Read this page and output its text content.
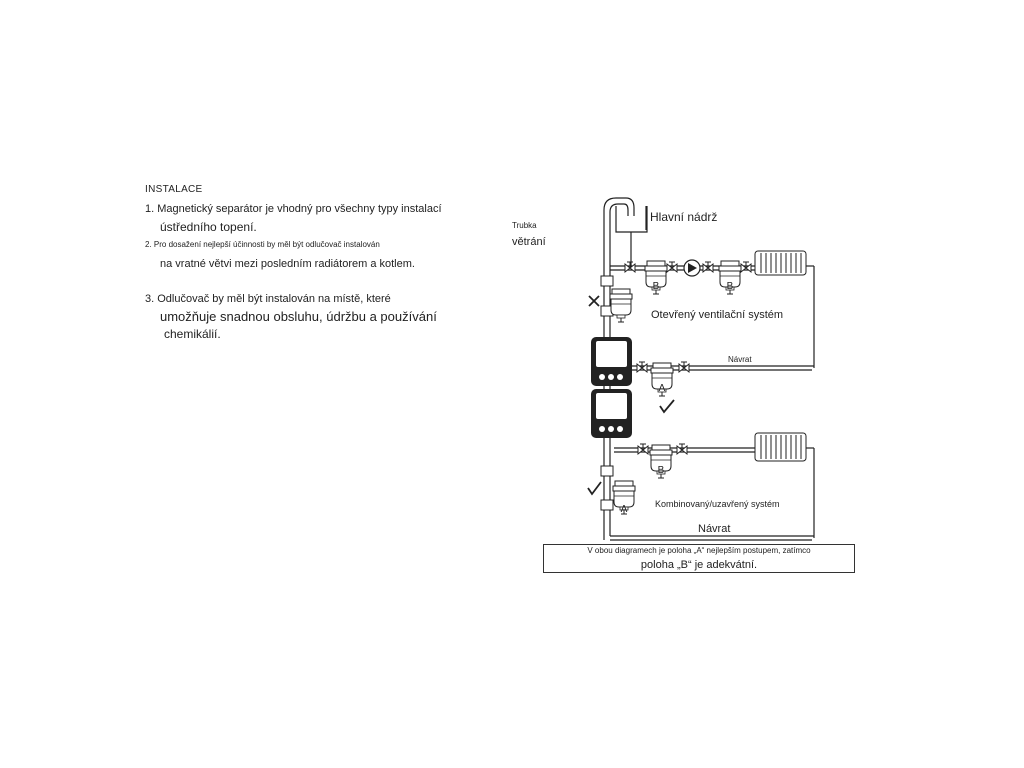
INSTALACE
1. Magnetický separátor je vhodný pro všechny typy instalací
ústředního topení.
2. Pro dosažení nejlepší účinnosti by měl být odlučovač instalován
na vratné větvi mezi posledním radiátorem a kotlem.
3. Odlučovač by měl být instalován na místě, které
umožňuje snadnou obsluhu, údržbu a používání
chemikálií.
B	B
A
B
A
Trubka
větrání
Hlavní nádrž
Otevřený ventilační systém
Návrat
Kombinovaný/uzavřený systém
Návrat
V obou diagramech je poloha „A“ nejlepším postupem, zatímco
poloha „B“ je adekvátní.
